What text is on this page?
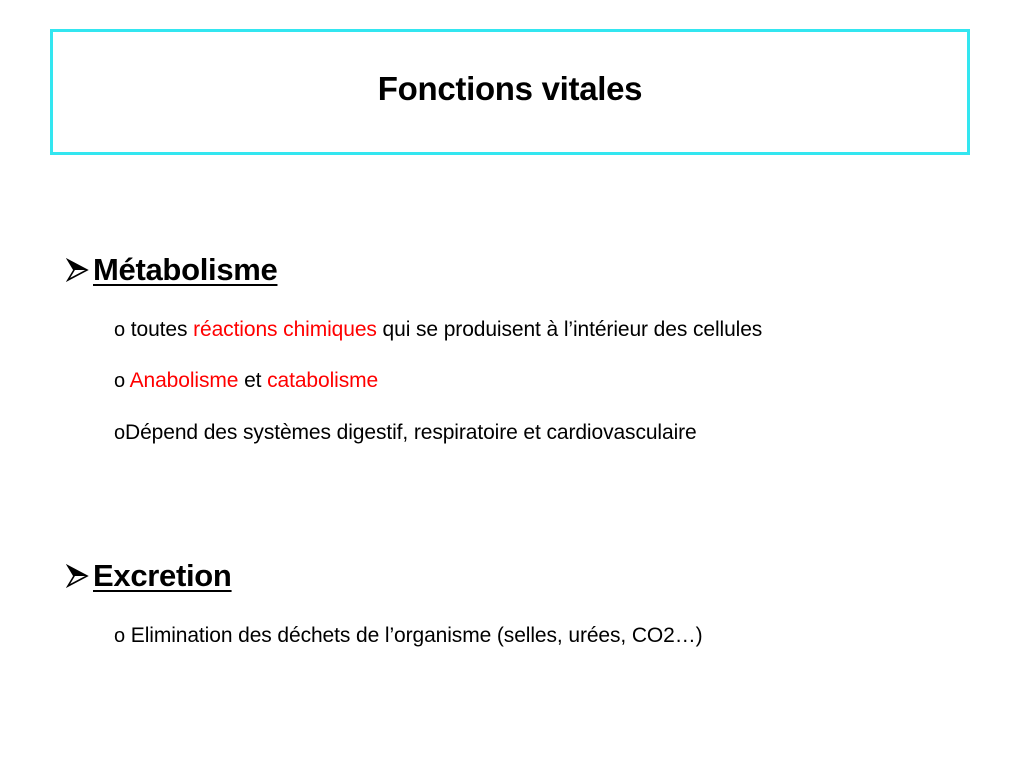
Fonctions vitales
Métabolisme
o toutes réactions chimiques qui se produisent à l’intérieur des cellules
o Anabolisme et catabolisme
oDépend des systèmes digestif, respiratoire et cardiovasculaire
Excretion
o Elimination des déchets de l’organisme (selles, urées, CO2…)
